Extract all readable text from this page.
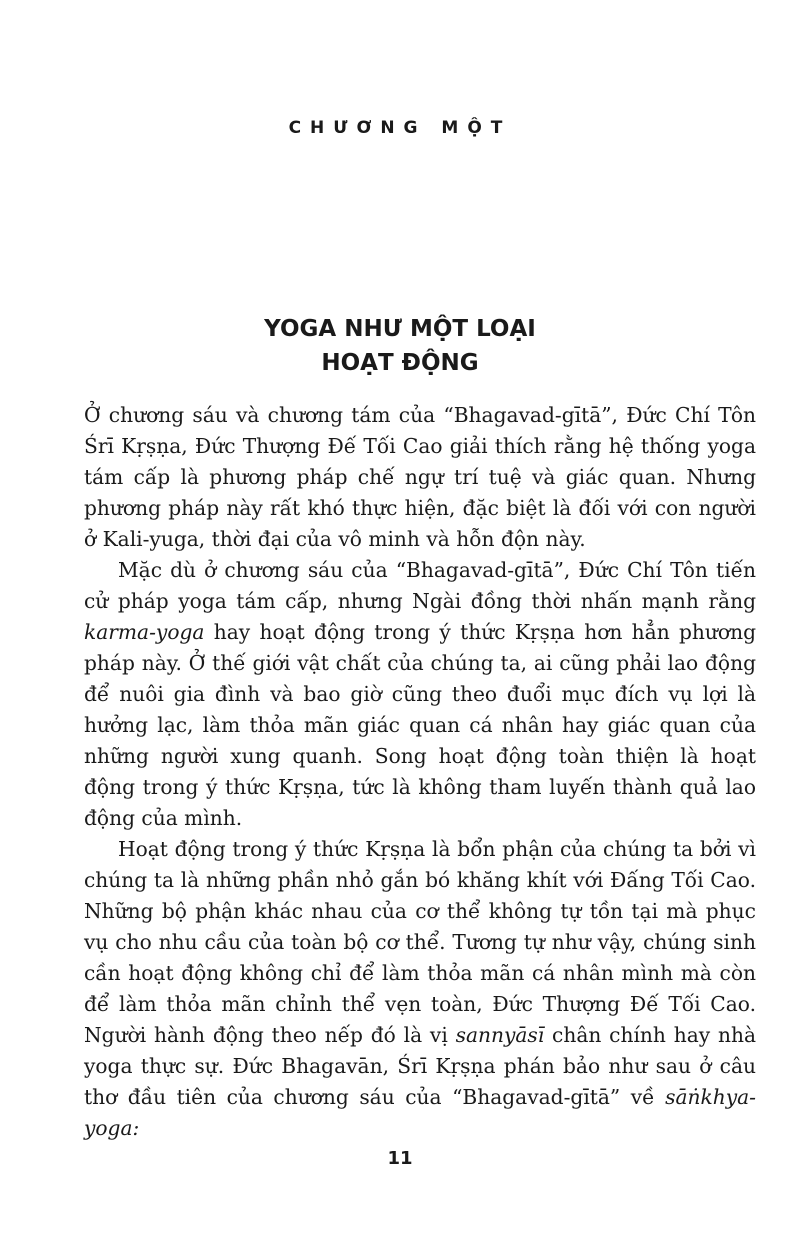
CHƯƠNG MỘT
YOGA NHƯ MỘT LOẠI
HOẠT ĐỘNG

Ở chương sáu và chương tám của “Bhagavad-gītā”, Đức Chí Tôn Śrī Kṛṣṇa, Đức Thượng Đế Tối Cao giải thích rằng hệ thống yoga tám cấp là phương pháp chế ngự trí tuệ và giác quan. Nhưng phương pháp này rất khó thực hiện, đặc biệt là đối với con người ở Kali-yuga, thời đại của vô minh và hỗn độn này.

Mặc dù ở chương sáu của “Bhagavad-gītā”, Đức Chí Tôn tiến cử pháp yoga tám cấp, nhưng Ngài đồng thời nhấn mạnh rằng karma-yoga hay hoạt động trong ý thức Kṛṣṇa hơn hẳn phương pháp này. Ở thế giới vật chất của chúng ta, ai cũng phải lao động để nuôi gia đình và bao giờ cũng theo đuổi mục đích vụ lợi là hưởng lạc, làm thỏa mãn giác quan cá nhân hay giác quan của những người xung quanh. Song hoạt động toàn thiện là hoạt động trong ý thức Kṛṣṇa, tức là không tham luyến thành quả lao động của mình.

Hoạt động trong ý thức Kṛṣṇa là bổn phận của chúng ta bởi vì chúng ta là những phần nhỏ gắn bó khăng khít với Đấng Tối Cao. Những bộ phận khác nhau của cơ thể không tự tồn tại mà phục vụ cho nhu cầu của toàn bộ cơ thể. Tương tự như vậy, chúng sinh cần hoạt động không chỉ để làm thỏa mãn cá nhân mình mà còn để làm thỏa mãn chỉnh thể vẹn toàn, Đức Thượng Đế Tối Cao. Người hành động theo nếp đó là vị sannyāsī chân chính hay nhà yoga thực sự. Đức Bhagavān, Śrī Kṛṣṇa phán bảo như sau ở câu thơ đầu tiên của chương sáu của “Bhagavad-gītā” về sāṅkhya-yoga:

11
